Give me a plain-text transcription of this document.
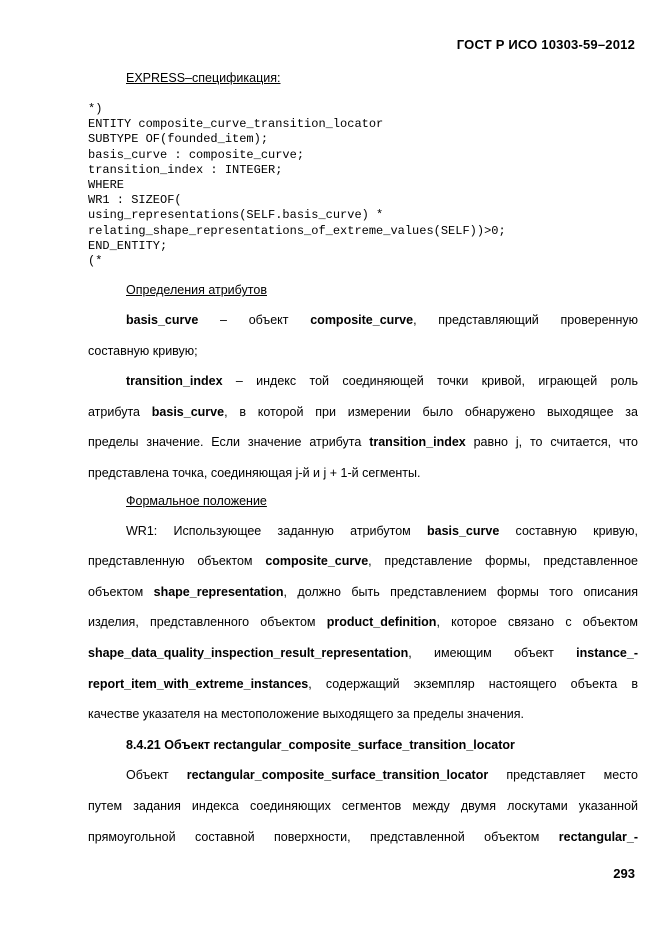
ГОСТ Р ИСО 10303-59–2012

EXPRESS–спецификация:

*)
ENTITY composite_curve_transition_locator
SUBTYPE OF(founded_item);
basis_curve : composite_curve;
transition_index : INTEGER;
WHERE
WR1 : SIZEOF(
using_representations(SELF.basis_curve) *
relating_shape_representations_of_extreme_values(SELF))>0;
END_ENTITY;
(*

Определения атрибутов

basis_curve – объект composite_curve, представляющий проверенную
составную кривую;
transition_index – индекс той соединяющей точки кривой, играющей роль
атрибута basis_curve, в которой при измерении было обнаружено выходящее за
пределы значение. Если значение атрибута transition_index равно j, то считается, что
представлена точка, соединяющая j-й и j + 1-й сегменты.

Формальное положение

WR1: Использующее заданную атрибутом basis_curve составную кривую,
представленную объектом composite_curve, представление формы, представленное
объектом shape_representation, должно быть представлением формы того описания
изделия, представленного объектом product_definition, которое связано с объектом
shape_data_quality_inspection_result_representation, имеющим объект instance_-
report_item_with_extreme_instances, содержащий экземпляр настоящего объекта в
качестве указателя на местоположение выходящего за пределы значения.
8.4.21 Объект rectangular_composite_surface_transition_locator
Объект rectangular_composite_surface_transition_locator представляет место
путем задания индекса соединяющих сегментов между двумя лоскутами указанной
прямоугольной составной поверхности, представленной объектом rectangular_-
293
